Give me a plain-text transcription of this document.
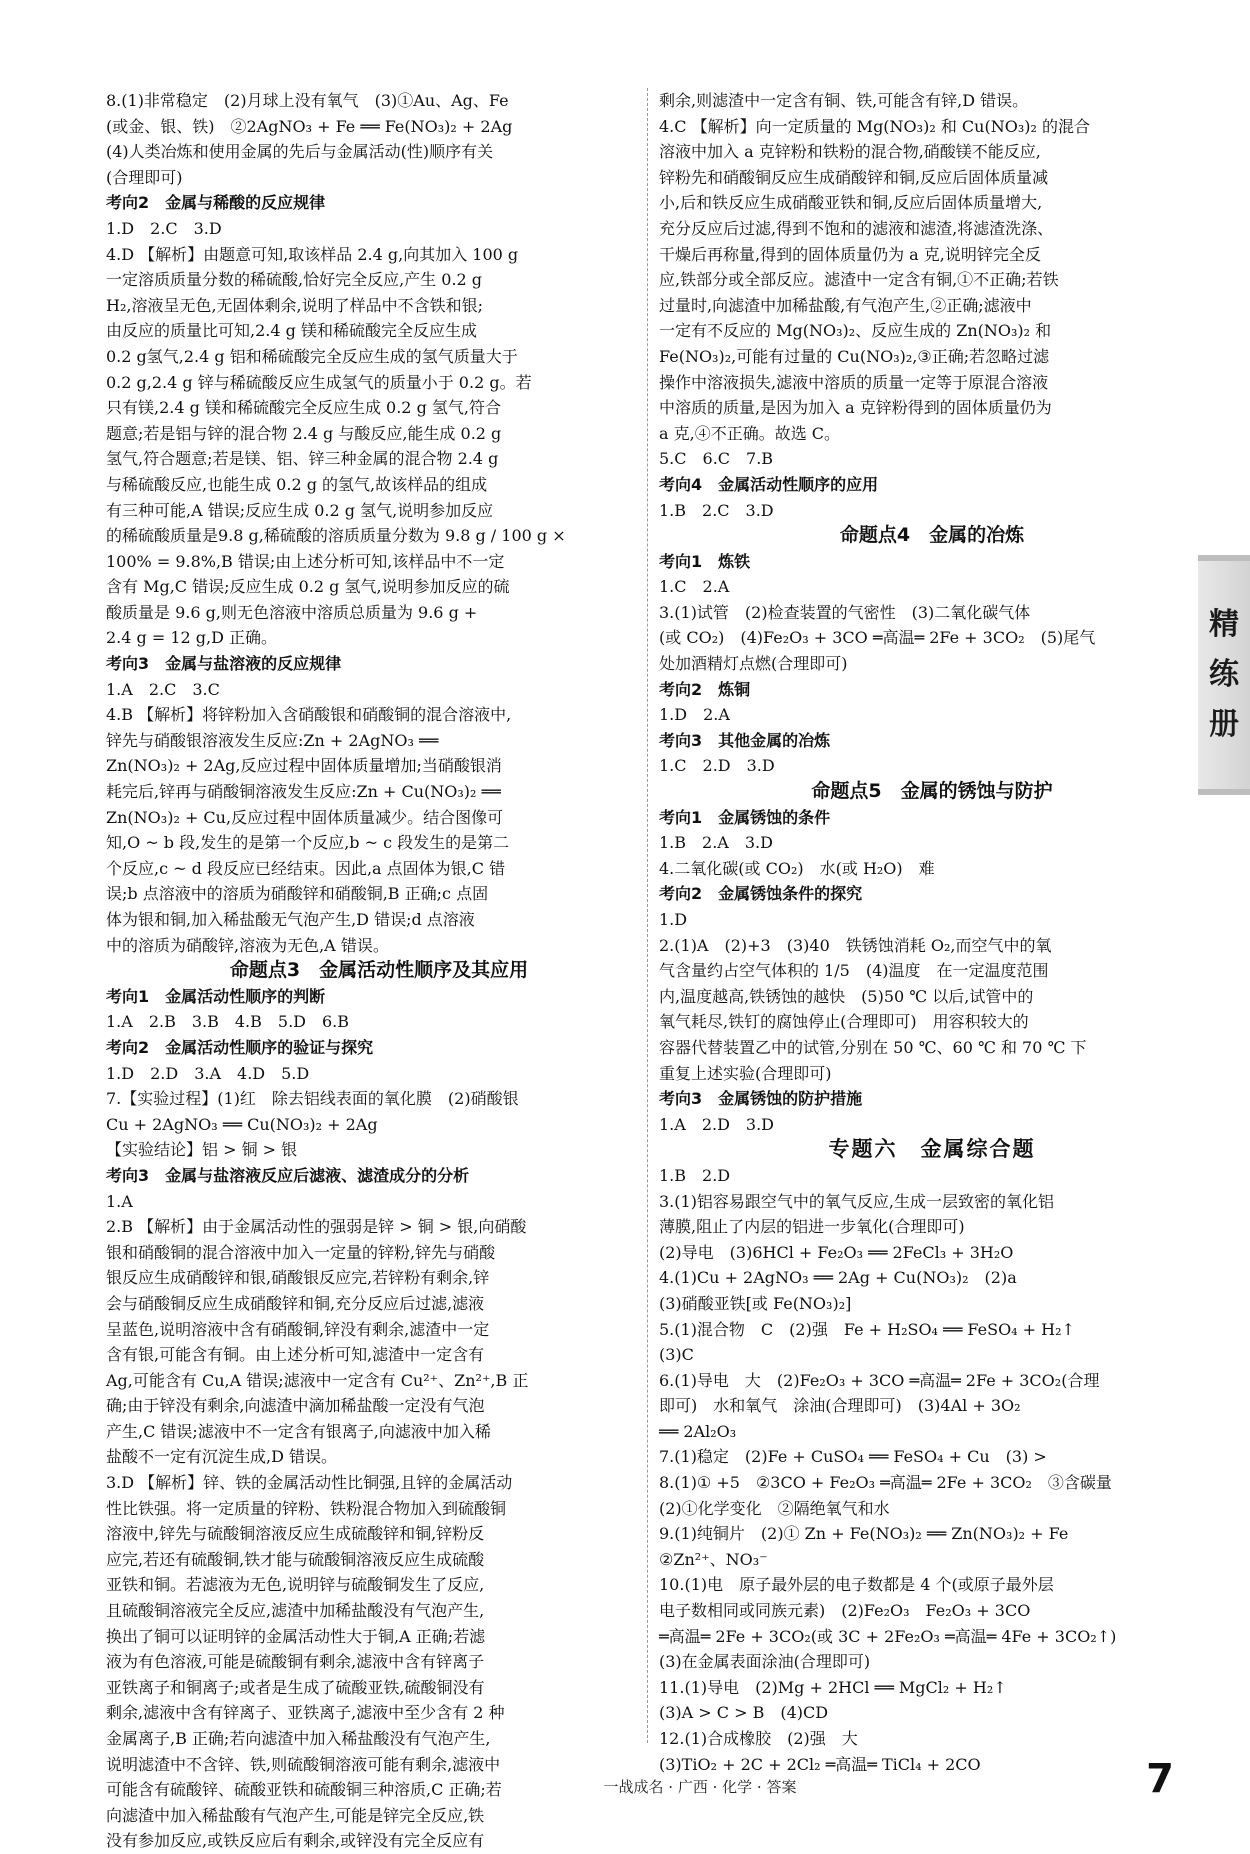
8.(1)非常稳定　(2)月球上没有氧气　(3)①Au、Ag、Fe

(或金、银、铁)　②2AgNO₃ + Fe ══ Fe(NO₃)₂ + 2Ag

(4)人类冶炼和使用金属的先后与金属活动(性)顺序有关

(合理即可)

考向2　金属与稀酸的反应规律

1.D　2.C　3.D

4.D 【解析】由题意可知,取该样品 2.4 g,向其加入 100 g

一定溶质质量分数的稀硫酸,恰好完全反应,产生 0.2 g

H₂,溶液呈无色,无固体剩余,说明了样品中不含铁和银;

由反应的质量比可知,2.4 g 镁和稀硫酸完全反应生成

0.2 g氢气,2.4 g 铝和稀硫酸完全反应生成的氢气质量大于

0.2 g,2.4 g 锌与稀硫酸反应生成氢气的质量小于 0.2 g。若

只有镁,2.4 g 镁和稀硫酸完全反应生成 0.2 g 氢气,符合

题意;若是铝与锌的混合物 2.4 g 与酸反应,能生成 0.2 g

氢气,符合题意;若是镁、铝、锌三种金属的混合物 2.4 g

与稀硫酸反应,也能生成 0.2 g 的氢气,故该样品的组成

有三种可能,A 错误;反应生成 0.2 g 氢气,说明参加反应

的稀硫酸质量是9.8 g,稀硫酸的溶质质量分数为 9.8 g / 100 g ×

100% = 9.8%,B 错误;由上述分析可知,该样品中不一定

含有 Mg,C 错误;反应生成 0.2 g 氢气,说明参加反应的硫

酸质量是 9.6 g,则无色溶液中溶质总质量为 9.6 g +

2.4 g = 12 g,D 正确。

考向3　金属与盐溶液的反应规律

1.A　2.C　3.C

4.B 【解析】将锌粉加入含硝酸银和硝酸铜的混合溶液中,

锌先与硝酸银溶液发生反应:Zn + 2AgNO₃ ══

Zn(NO₃)₂ + 2Ag,反应过程中固体质量增加;当硝酸银消

耗完后,锌再与硝酸铜溶液发生反应:Zn + Cu(NO₃)₂ ══

Zn(NO₃)₂ + Cu,反应过程中固体质量减少。结合图像可

知,O ~ b 段,发生的是第一个反应,b ~ c 段发生的是第二

个反应,c ~ d 段反应已经结束。因此,a 点固体为银,C 错

误;b 点溶液中的溶质为硝酸锌和硝酸铜,B 正确;c 点固

体为银和铜,加入稀盐酸无气泡产生,D 错误;d 点溶液

中的溶质为硝酸锌,溶液为无色,A 错误。

命题点3　金属活动性顺序及其应用

考向1　金属活动性顺序的判断

1.A　2.B　3.B　4.B　5.D　6.B

考向2　金属活动性顺序的验证与探究

1.D　2.D　3.A　4.D　5.D

7.【实验过程】(1)红　除去铝线表面的氧化膜　(2)硝酸银

Cu + 2AgNO₃ ══ Cu(NO₃)₂ + 2Ag

【实验结论】铝 > 铜 > 银

考向3　金属与盐溶液反应后滤液、滤渣成分的分析

1.A

2.B 【解析】由于金属活动性的强弱是锌 > 铜 > 银,向硝酸

银和硝酸铜的混合溶液中加入一定量的锌粉,锌先与硝酸

银反应生成硝酸锌和银,硝酸银反应完,若锌粉有剩余,锌

会与硝酸铜反应生成硝酸锌和铜,充分反应后过滤,滤液

呈蓝色,说明溶液中含有硝酸铜,锌没有剩余,滤渣中一定

含有银,可能含有铜。由上述分析可知,滤渣中一定含有

Ag,可能含有 Cu,A 错误;滤液中一定含有 Cu²⁺、Zn²⁺,B 正

确;由于锌没有剩余,向滤渣中滴加稀盐酸一定没有气泡

产生,C 错误;滤液中不一定含有银离子,向滤液中加入稀

盐酸不一定有沉淀生成,D 错误。

3.D 【解析】锌、铁的金属活动性比铜强,且锌的金属活动

性比铁强。将一定质量的锌粉、铁粉混合物加入到硫酸铜

溶液中,锌先与硫酸铜溶液反应生成硫酸锌和铜,锌粉反

应完,若还有硫酸铜,铁才能与硫酸铜溶液反应生成硫酸

亚铁和铜。若滤液为无色,说明锌与硫酸铜发生了反应,

且硫酸铜溶液完全反应,滤渣中加稀盐酸没有气泡产生,

换出了铜可以证明锌的金属活动性大于铜,A 正确;若滤

液为有色溶液,可能是硫酸铜有剩余,滤液中含有锌离子

亚铁离子和铜离子;或者是生成了硫酸亚铁,硫酸铜没有

剩余,滤液中含有锌离子、亚铁离子,滤液中至少含有 2 种

金属离子,B 正确;若向滤渣中加入稀盐酸没有气泡产生,

说明滤渣中不含锌、铁,则硫酸铜溶液可能有剩余,滤液中

可能含有硫酸锌、硫酸亚铁和硫酸铜三种溶质,C 正确;若

向滤渣中加入稀盐酸有气泡产生,可能是锌完全反应,铁

没有参加反应,或铁反应后有剩余,或锌没有完全反应有

剩余,则滤渣中一定含有铜、铁,可能含有锌,D 错误。

4.C 【解析】向一定质量的 Mg(NO₃)₂ 和 Cu(NO₃)₂ 的混合

溶液中加入 a 克锌粉和铁粉的混合物,硝酸镁不能反应,

锌粉先和硝酸铜反应生成硝酸锌和铜,反应后固体质量减

小,后和铁反应生成硝酸亚铁和铜,反应后固体质量增大,

充分反应后过滤,得到不饱和的滤液和滤渣,将滤渣洗涤、

干燥后再称量,得到的固体质量仍为 a 克,说明锌完全反

应,铁部分或全部反应。滤渣中一定含有铜,①不正确;若铁

过量时,向滤渣中加稀盐酸,有气泡产生,②正确;滤液中

一定有不反应的 Mg(NO₃)₂、反应生成的 Zn(NO₃)₂ 和

Fe(NO₃)₂,可能有过量的 Cu(NO₃)₂,③正确;若忽略过滤

操作中溶液损失,滤液中溶质的质量一定等于原混合溶液

中溶质的质量,是因为加入 a 克锌粉得到的固体质量仍为

a 克,④不正确。故选 C。

5.C　6.C　7.B

考向4　金属活动性顺序的应用

1.B　2.C　3.D

命题点4　金属的冶炼

考向1　炼铁

1.C　2.A

3.(1)试管　(2)检查装置的气密性　(3)二氧化碳气体

(或 CO₂)　(4)Fe₂O₃ + 3CO ═高温═ 2Fe + 3CO₂　(5)尾气

处加酒精灯点燃(合理即可)

考向2　炼铜

1.D　2.A

考向3　其他金属的冶炼

1.C　2.D　3.D

命题点5　金属的锈蚀与防护

考向1　金属锈蚀的条件

1.B　2.A　3.D

4.二氧化碳(或 CO₂)　水(或 H₂O)　难

考向2　金属锈蚀条件的探究

1.D

2.(1)A　(2)+3　(3)40　铁锈蚀消耗 O₂,而空气中的氧

气含量约占空气体积的 1/5　(4)温度　在一定温度范围

内,温度越高,铁锈蚀的越快　(5)50 ℃ 以后,试管中的

氧气耗尽,铁钉的腐蚀停止(合理即可)　用容积较大的

容器代替装置乙中的试管,分别在 50 ℃、60 ℃ 和 70 ℃ 下

重复上述实验(合理即可)

考向3　金属锈蚀的防护措施

1.A　2.D　3.D

专题六　金属综合题

1.B　2.D

3.(1)铝容易跟空气中的氧气反应,生成一层致密的氧化铝

薄膜,阻止了内层的铝进一步氧化(合理即可)

(2)导电　(3)6HCl + Fe₂O₃ ══ 2FeCl₃ + 3H₂O

4.(1)Cu + 2AgNO₃ ══ 2Ag + Cu(NO₃)₂　(2)a

(3)硝酸亚铁[或 Fe(NO₃)₂]

5.(1)混合物　C　(2)强　Fe + H₂SO₄ ══ FeSO₄ + H₂↑

(3)C

6.(1)导电　大　(2)Fe₂O₃ + 3CO ═高温═ 2Fe + 3CO₂(合理

即可)　水和氧气　涂油(合理即可)　(3)4Al + 3O₂

══ 2Al₂O₃

7.(1)稳定　(2)Fe + CuSO₄ ══ FeSO₄ + Cu　(3) >

8.(1)① +5　②3CO + Fe₂O₃ ═高温═ 2Fe + 3CO₂　③含碳量

(2)①化学变化　②隔绝氧气和水

9.(1)纯铜片　(2)① Zn + Fe(NO₃)₂ ══ Zn(NO₃)₂ + Fe

②Zn²⁺、NO₃⁻

10.(1)电　原子最外层的电子数都是 4 个(或原子最外层

电子数相同或同族元素)　(2)Fe₂O₃　Fe₂O₃ + 3CO

═高温═ 2Fe + 3CO₂(或 3C + 2Fe₂O₃ ═高温═ 4Fe + 3CO₂↑)

(3)在金属表面涂油(合理即可)

11.(1)导电　(2)Mg + 2HCl ══ MgCl₂ + H₂↑

(3)A > C > B　(4)CD

12.(1)合成橡胶　(2)强　大

(3)TiO₂ + 2C + 2Cl₂ ═高温═ TiCl₄ + 2CO

精
练
册
一战成名 · 广西 · 化学 · 答案	7
